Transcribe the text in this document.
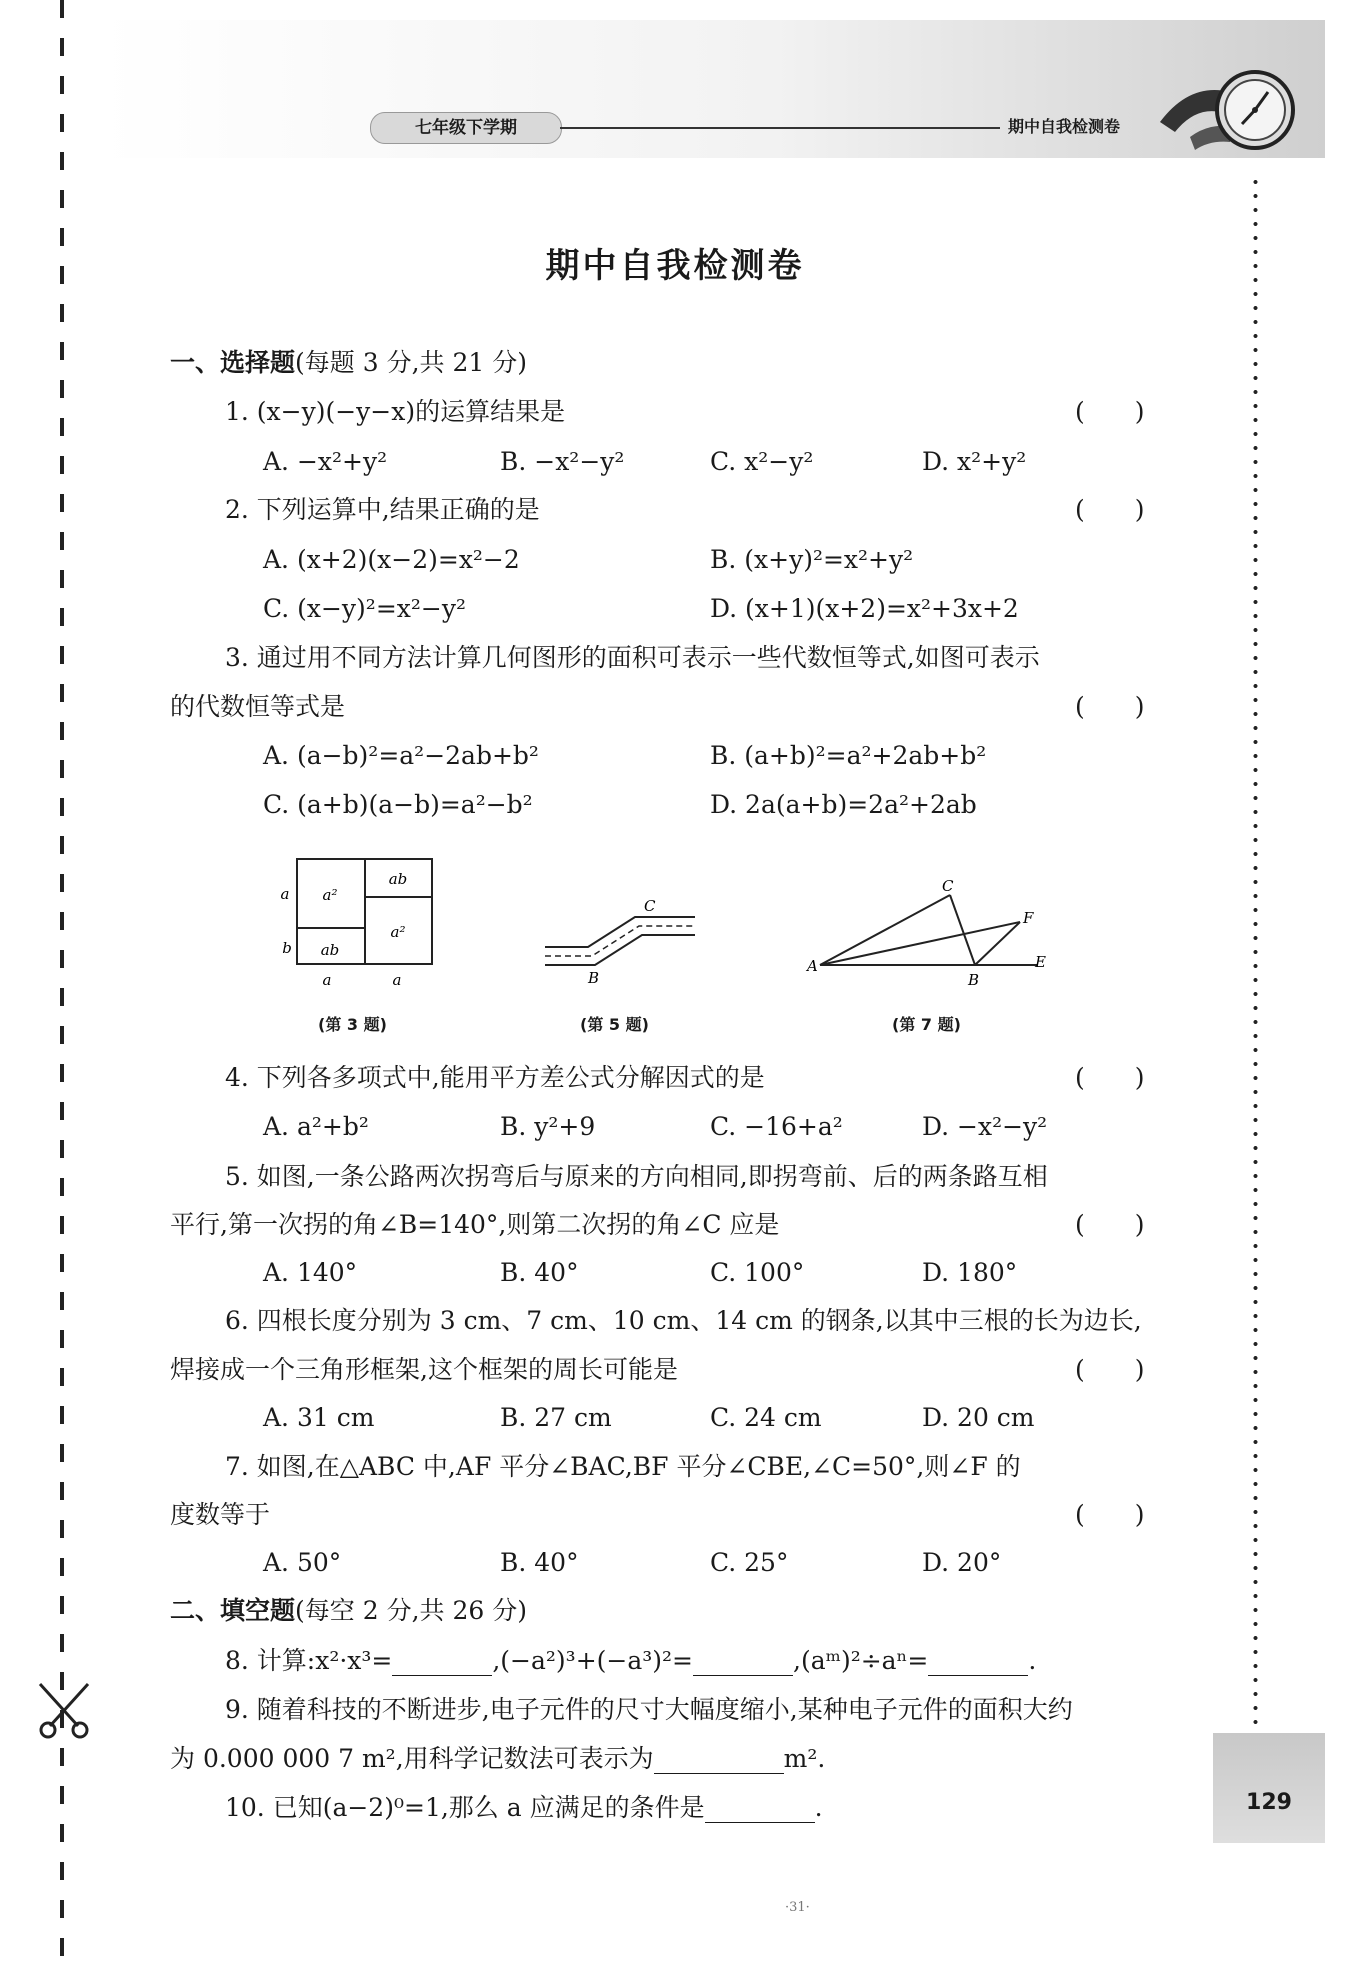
七年级下学期	期中自我检测卷
129
期中自我检测卷
一、选择题(每题 3 分,共 21 分)
1. (x−y)(−y−x)的运算结果是	(　　)
A. −x²+y²	B. −x²−y²	C. x²−y²	D. x²+y²
2. 下列运算中,结果正确的是	(　　)
A. (x+2)(x−2)=x²−2	B. (x+y)²=x²+y²
C. (x−y)²=x²−y²	D. (x+1)(x+2)=x²+3x+2
3. 通过用不同方法计算几何图形的面积可表示一些代数恒等式,如图可表示
的代数恒等式是	(　　)
A. (a−b)²=a²−2ab+b²	B. (a+b)²=a²+2ab+b²
C. (a+b)(a−b)=a²−b²	D. 2a(a+b)=2a²+2ab
a²
ab
ab
a²
a
b
a	a
(第 3 题)
C
B
(第 5 题)
C
F
A
B
E
(第 7 题)
4. 下列各多项式中,能用平方差公式分解因式的是	(　　)
A. a²+b²	B. y²+9	C. −16+a²	D. −x²−y²
5. 如图,一条公路两次拐弯后与原来的方向相同,即拐弯前、后的两条路互相
平行,第一次拐的角∠B=140°,则第二次拐的角∠C 应是	(　　)
A. 140°	B. 40°	C. 100°	D. 180°
6. 四根长度分别为 3 cm、7 cm、10 cm、14 cm 的钢条,以其中三根的长为边长,
焊接成一个三角形框架,这个框架的周长可能是	(　　)
A. 31 cm	B. 27 cm	C. 24 cm	D. 20 cm
7. 如图,在△ABC 中,AF 平分∠BAC,BF 平分∠CBE,∠C=50°,则∠F 的
度数等于	(　　)
A. 50°	B. 40°	C. 25°	D. 20°
二、填空题(每空 2 分,共 26 分)
8. 计算:x²·x³=	,(−a²)³+(−a³)²=	,(aᵐ)²÷aⁿ=	.
9. 随着科技的不断进步,电子元件的尺寸大幅度缩小,某种电子元件的面积大约
为 0.000 000 7 m²,用科学记数法可表示为	m².
10. 已知(a−2)⁰=1,那么 a 应满足的条件是	.
·31·
